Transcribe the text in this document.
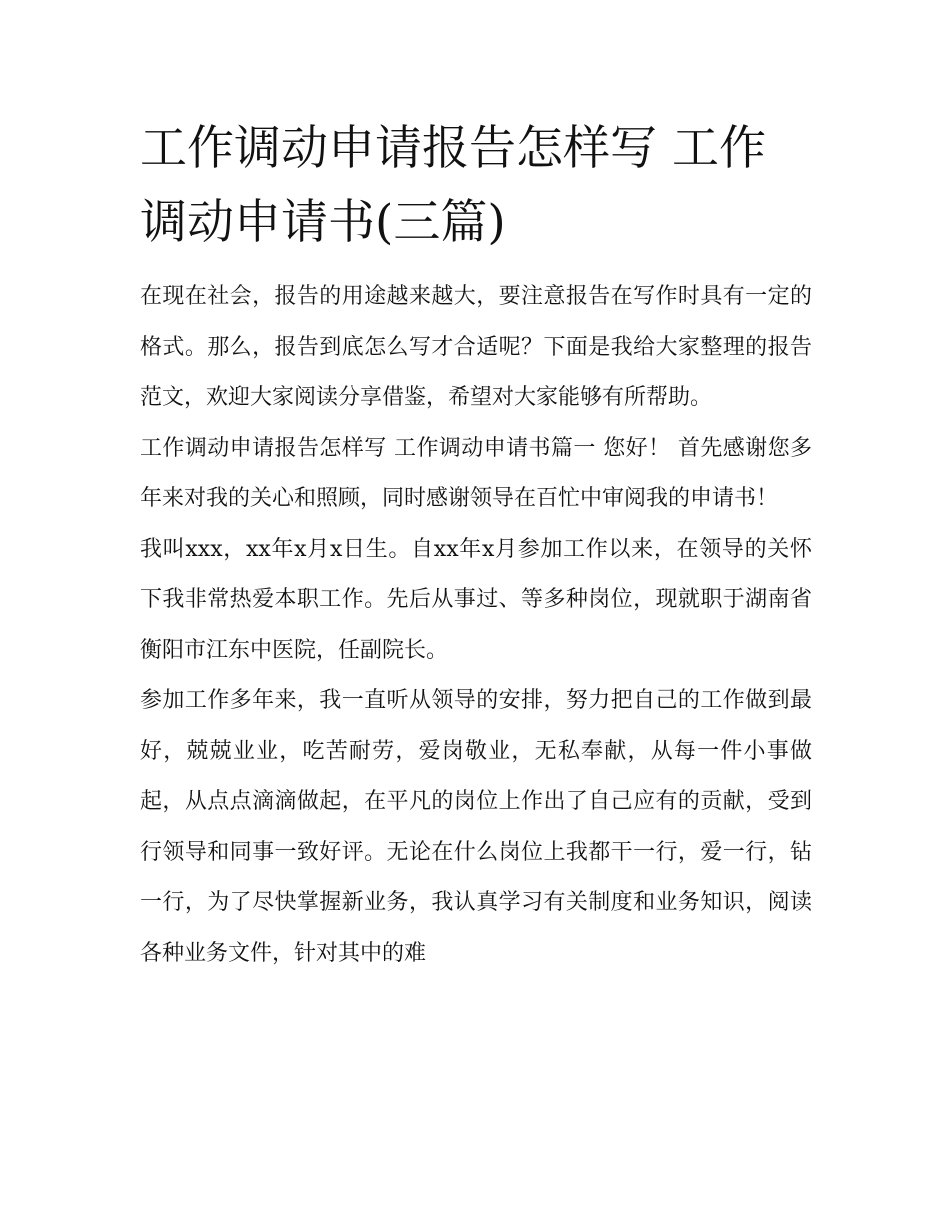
工作调动申请报告怎样写 工作调动申请书(三篇)

在现在社会，报告的用途越来越大，要注意报告在写作时具有一定的格式。那么，报告到底怎么写才合适呢？下面是我给大家整理的报告范文，欢迎大家阅读分享借鉴，希望对大家能够有所帮助。

工作调动申请报告怎样写 工作调动申请书篇一 您好！ 首先感谢您多年来对我的关心和照顾，同时感谢领导在百忙中审阅我的申请书！

我叫xxx，xx年x月x日生。自xx年x月参加工作以来，在领导的关怀下我非常热爱本职工作。先后从事过、等多种岗位，现就职于湖南省衡阳市江东中医院，任副院长。

参加工作多年来，我一直听从领导的安排，努力把自己的工作做到最好，兢兢业业，吃苦耐劳，爱岗敬业，无私奉献，从每一件小事做起，从点点滴滴做起，在平凡的岗位上作出了自己应有的贡献，受到行领导和同事一致好评。无论在什么岗位上我都干一行，爱一行，钻一行，为了尽快掌握新业务，我认真学习有关制度和业务知识，阅读各种业务文件，针对其中的难
